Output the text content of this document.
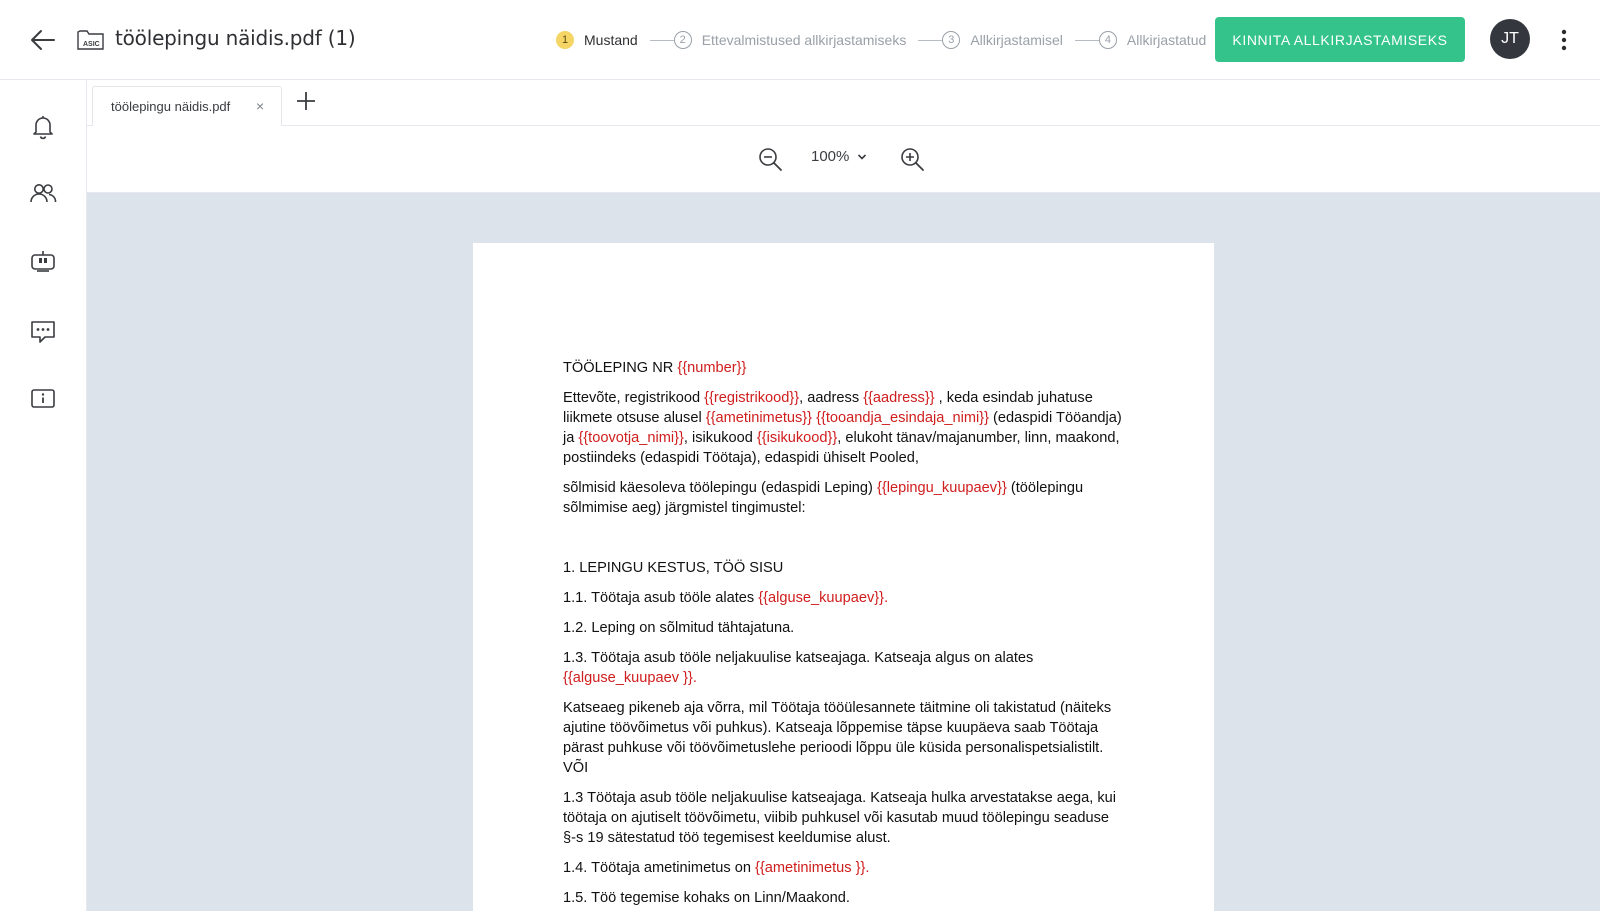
ASIC töölepingu näidis.pdf (1)	1	Mustand	2	Ettevalmistused allkirjastamiseks	3	Allkirjastamisel	4	Allkirjastatud	KINNITA ALLKIRJASTAMISEKS	JT
töölepingu näidis.pdf ×
100%

TÖÖLEPING NR {{number}}

Ettevõte, registrikood {{registrikood}}, aadress {{aadress}} , keda esindab juhatuse liikmete otsuse alusel {{ametinimetus}} {{tooandja_esindaja_nimi}} (edaspidi Tööandja) ja {{toovotja_nimi}}, isikukood {{isikukood}}, elukoht tänav/majanumber, linn, maakond, postiindeks (edaspidi Töötaja), edaspidi ühiselt Pooled,

sõlmisid käesoleva töölepingu (edaspidi Leping) {{lepingu_kuupaev}} (töölepingu sõlmimise aeg) järgmistel tingimustel:

1. LEPINGU KESTUS, TÖÖ SISU

1.1. Töötaja asub tööle alates {{alguse_kuupaev}}.

1.2. Leping on sõlmitud tähtajatuna.

1.3. Töötaja asub tööle neljakuulise katseajaga. Katseaja algus on alates {{alguse_kuupaev }}.

Katseaeg pikeneb aja võrra, mil Töötaja tööülesannete täitmine oli takistatud (näiteks ajutine töövõimetus või puhkus). Katseaja lõppemise täpse kuupäeva saab Töötaja pärast puhkuse või töövõimetuslehe perioodi lõppu üle küsida personalispetsialistilt. VÕI

1.3 Töötaja asub tööle neljakuulise katseajaga. Katseaja hulka arvestatakse aega, kui töötaja on ajutiselt töövõimetu, viibib puhkusel või kasutab muud töölepingu seaduse §-s 19 sätestatud töö tegemisest keeldumise alust.

1.4. Töötaja ametinimetus on {{ametinimetus }}.

1.5. Töö tegemise kohaks on Linn/Maakond.
